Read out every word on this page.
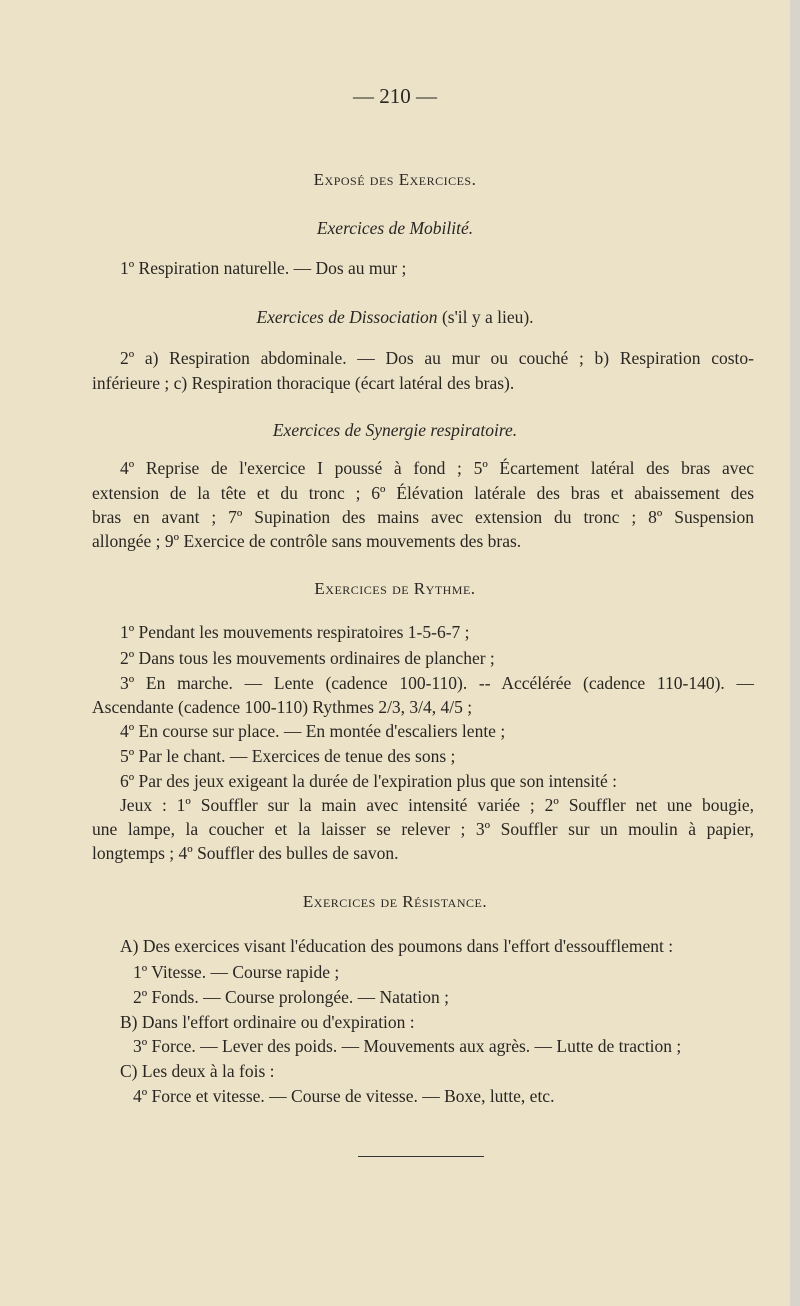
— 210 —

Exposé des Exercices.

Exercices de Mobilité.

1º Respiration naturelle. — Dos au mur ;

Exercices de Dissociation (s'il y a lieu).

2º a) Respiration abdominale. — Dos au mur ou couché ; b) Respiration costo-

inférieure ; c) Respiration thoracique (écart latéral des bras).

Exercices de Synergie respiratoire.

4º Reprise de l'exercice I poussé à fond ; 5º Écartement latéral des bras avec

extension de la tête et du tronc ; 6º Élévation latérale des bras et abaissement des

bras en avant ; 7º Supination des mains avec extension du tronc ; 8º Suspension

allongée ; 9º Exercice de contrôle sans mouvements des bras.

Exercices de Rythme.

1º Pendant les mouvements respiratoires 1-5-6-7 ;

2º Dans tous les mouvements ordinaires de plancher ;

3º En marche. — Lente (cadence 100-110). -- Accélérée (cadence 110-140). —

Ascendante (cadence 100-110) Rythmes 2/3, 3/4, 4/5 ;

4º En course sur place. — En montée d'escaliers lente ;

5º Par le chant. — Exercices de tenue des sons ;

6º Par des jeux exigeant la durée de l'expiration plus que son intensité :

Jeux : 1º Souffler sur la main avec intensité variée ; 2º Souffler net une bougie,

une lampe, la coucher et la laisser se relever ; 3º Souffler sur un moulin à papier,

longtemps ; 4º Souffler des bulles de savon.

Exercices de Résistance.

A) Des exercices visant l'éducation des poumons dans l'effort d'essoufflement :

1º Vitesse. — Course rapide ;

2º Fonds. — Course prolongée. — Natation ;

B) Dans l'effort ordinaire ou d'expiration :

3º Force. — Lever des poids. — Mouvements aux agrès. — Lutte de traction ;

C) Les deux à la fois :

4º Force et vitesse. — Course de vitesse. — Boxe, lutte, etc.
